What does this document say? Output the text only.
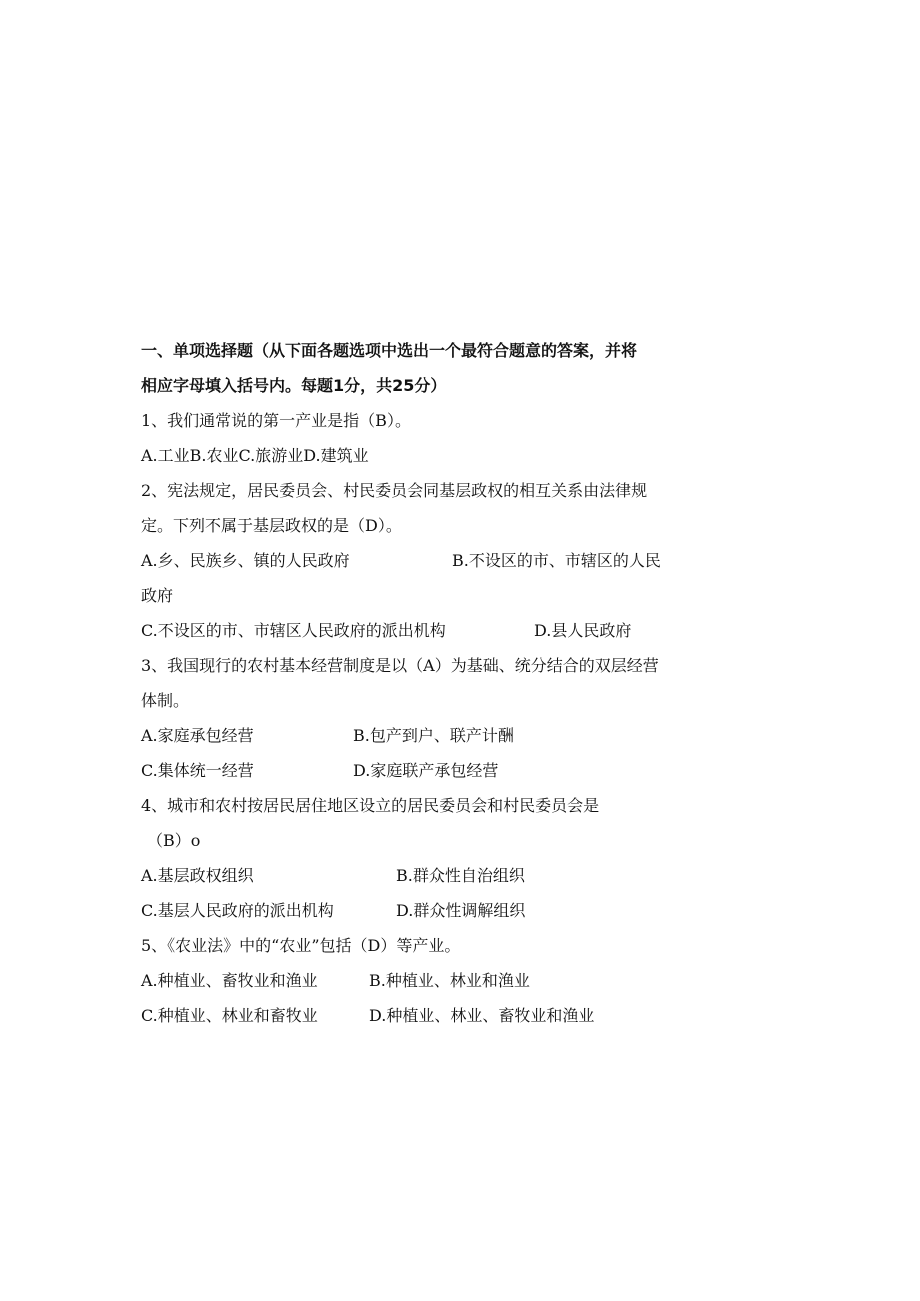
一、单项选择题（从下面各题选项中选出一个最符合题意的答案，并将
相应字母填入括号内。每题1分，共25分）
1、我们通常说的第一产业是指（B）。
A.工业B.农业C.旅游业D.建筑业
2、宪法规定，居民委员会、村民委员会同基层政权的相互关系由法律规
定。下列不属于基层政权的是（D）。
A.乡、民族乡、镇的人民政府	B.不设区的市、市辖区的人民
政府
C.不设区的市、市辖区人民政府的派出机构	D.县人民政府
3、我国现行的农村基本经营制度是以（A）为基础、统分结合的双层经营
体制。
A.家庭承包经营	B.包产到户、联产计酬
C.集体统一经营	D.家庭联产承包经营
4、城市和农村按居民居住地区设立的居民委员会和村民委员会是
（B）o
A.基层政权组织	B.群众性自治组织
C.基层人民政府的派出机构	D.群众性调解组织
5、《农业法》中的“农业”包括（D）等产业。
A.种植业、畜牧业和渔业	B.种植业、林业和渔业
C.种植业、林业和畜牧业	D.种植业、林业、畜牧业和渔业
